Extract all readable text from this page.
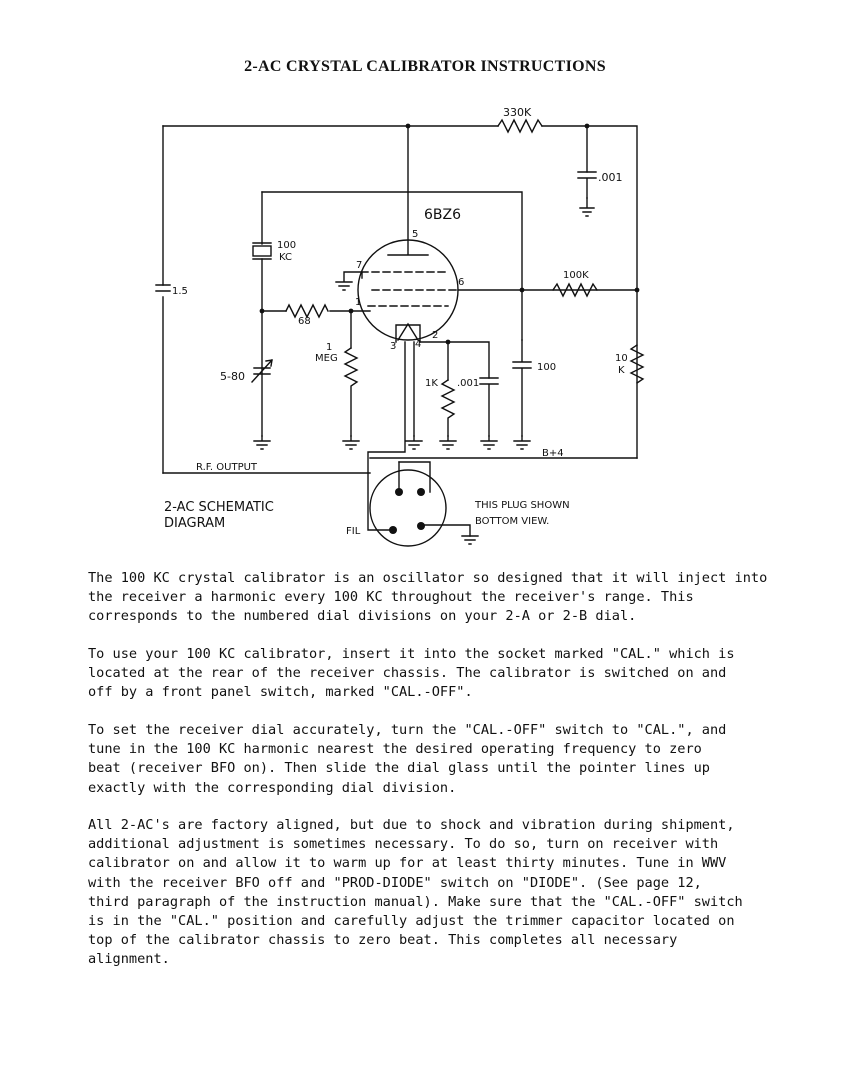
2-AC CRYSTAL CALIBRATOR INSTRUCTIONS
330K
.001
6BZ6
100
KC
1.5
100K
68
1
MEG	10
K
5-80
100
1K .001
B+4
R.F. OUTPUT
2-AC SCHEMATIC
DIAGRAM
FIL
THIS PLUG SHOWN
BOTTOM VIEW.
1
2
3 4
5
6
7
The 100 KC crystal calibrator is an oscillator so designed that it will inject into
the receiver a harmonic every 100 KC throughout the receiver's range. This
corresponds to the numbered dial divisions on your 2-A or 2-B dial.
To use your 100 KC calibrator, insert it into the socket marked "CAL." which is
located at the rear of the receiver chassis. The calibrator is switched on and
off by a front panel switch, marked "CAL.-OFF".
To set the receiver dial accurately, turn the "CAL.-OFF" switch to "CAL.", and
tune in the 100 KC harmonic nearest the desired operating frequency to zero
beat (receiver BFO on). Then slide the dial glass until the pointer lines up
exactly with the corresponding dial division.
All 2-AC's are factory aligned, but due to shock and vibration during shipment,
additional adjustment is sometimes necessary. To do so, turn on receiver with
calibrator on and allow it to warm up for at least thirty minutes. Tune in WWV
with the receiver BFO off and "PROD-DIODE" switch on "DIODE". (See page 12,
third paragraph of the instruction manual). Make sure that the "CAL.-OFF" switch
is in the "CAL." position and carefully adjust the trimmer capacitor located on
top of the calibrator chassis to zero beat. This completes all necessary
alignment.
